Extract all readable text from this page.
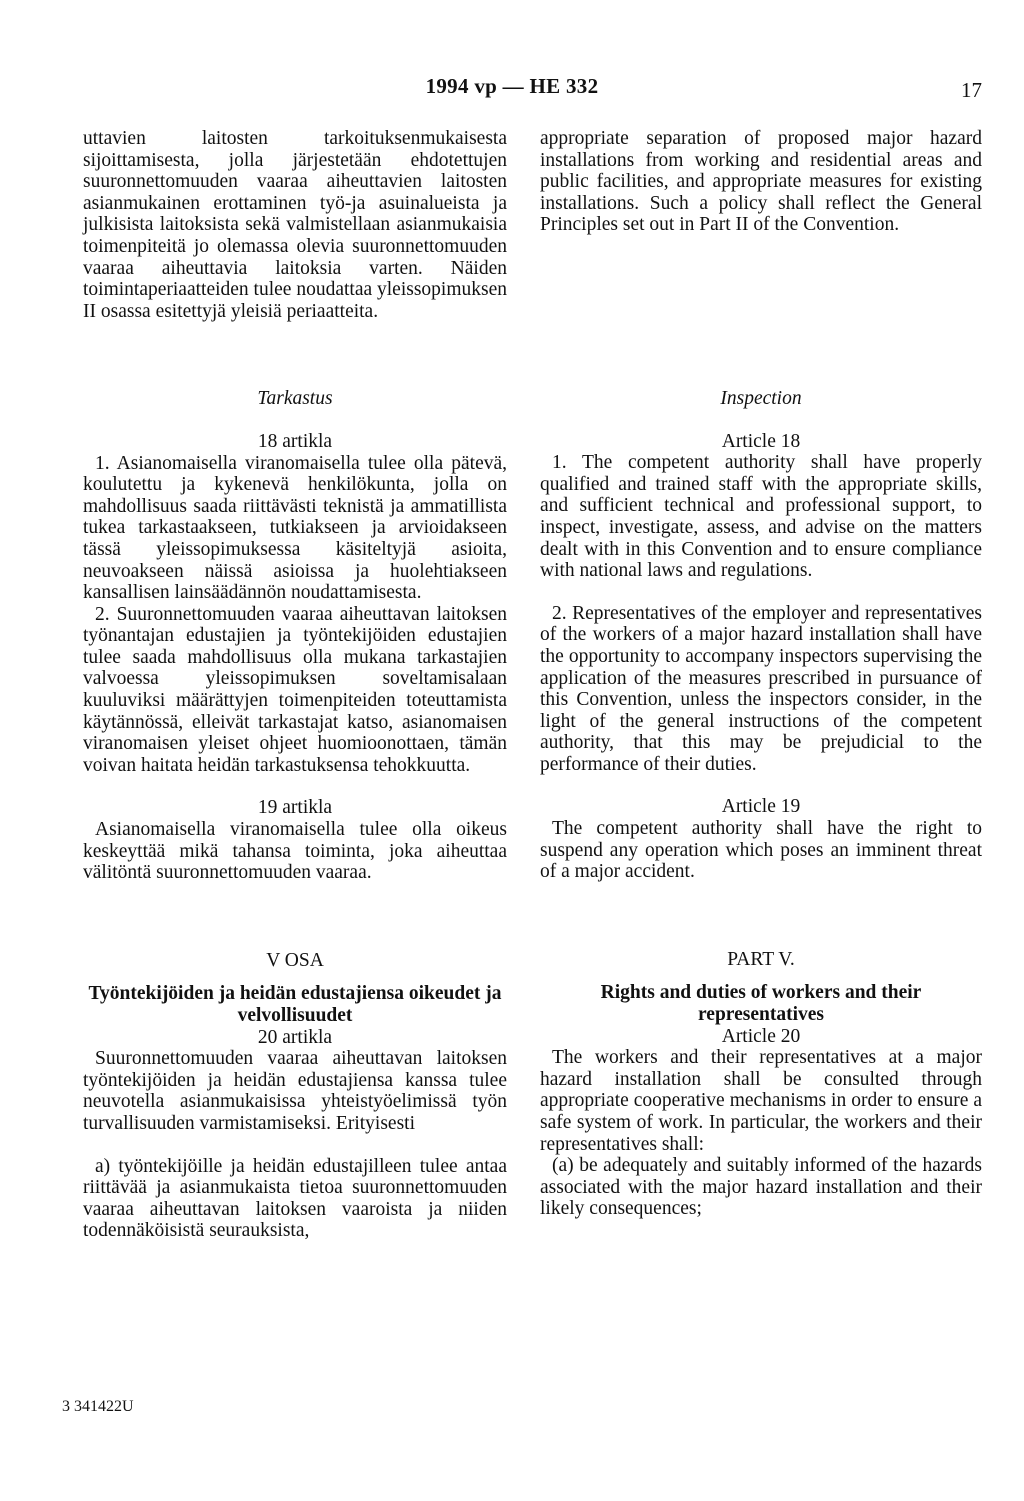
1994 vp — HE 332	17

uttavien laitosten tarkoituksenmukaisesta sijoittamisesta, jolla järjestetään ehdotettujen suuronnettomuuden vaaraa aiheuttavien laitosten asianmukainen erottaminen työ-ja asuinalueista ja julkisista laitoksista sekä valmistellaan asianmukaisia toimenpiteitä jo olemassa olevia suuronnettomuuden vaaraa aiheuttavia laitoksia varten. Näiden toimintaperiaatteiden tulee noudattaa yleissopimuksen II osassa esitettyjä yleisiä periaatteita.

Tarkastus

18 artikla

1. Asianomaisella viranomaisella tulee olla pätevä, koulutettu ja kykenevä henkilökunta, jolla on mahdollisuus saada riittävästi teknistä ja ammatillista tukea tarkastaakseen, tutkiakseen ja arvioidakseen tässä yleissopimuksessa käsiteltyjä asioita, neuvoakseen näissä asioissa ja huolehtiakseen kansallisen lainsäädännön noudattamisesta.

2. Suuronnettomuuden vaaraa aiheuttavan laitoksen työnantajan edustajien ja työntekijöiden edustajien tulee saada mahdollisuus olla mukana tarkastajien valvoessa yleissopimuksen soveltamisalaan kuuluviksi määrättyjen toimenpiteiden toteuttamista käytännössä, elleivät tarkastajat katso, asianomaisen viranomaisen yleiset ohjeet huomioonottaen, tämän voivan haitata heidän tarkastuksensa tehokkuutta.

19 artikla

Asianomaisella viranomaisella tulee olla oikeus keskeyttää mikä tahansa toiminta, joka aiheuttaa välitöntä suuronnettomuuden vaaraa.

V OSA

Työntekijöiden ja heidän edustajiensa oikeudet ja velvollisuudet

20 artikla

Suuronnettomuuden vaaraa aiheuttavan laitoksen työntekijöiden ja heidän edustajiensa kanssa tulee neuvotella asianmukaisissa yhteistyöelimissä työn turvallisuuden varmistamiseksi. Erityisesti

a) työntekijöille ja heidän edustajilleen tulee antaa riittävää ja asianmukaista tietoa suuronnettomuuden vaaraa aiheuttavan laitoksen vaaroista ja niiden todennäköisistä seurauksista,

appropriate separation of proposed major hazard installations from working and residential areas and public facilities, and appropriate measures for existing installations. Such a policy shall reflect the General Principles set out in Part II of the Convention.

Inspection

Article 18

1. The competent authority shall have properly qualified and trained staff with the appropriate skills, and sufficient technical and professional support, to inspect, investigate, assess, and advise on the matters dealt with in this Convention and to ensure compliance with national laws and regulations.

2. Representatives of the employer and representatives of the workers of a major hazard installation shall have the opportunity to accompany inspectors supervising the application of the measures prescribed in pursuance of this Convention, unless the inspectors consider, in the light of the general instructions of the competent authority, that this may be prejudicial to the performance of their duties.

Article 19

The competent authority shall have the right to suspend any operation which poses an imminent threat of a major accident.

PART V.

Rights and duties of workers and their representatives

Article 20

The workers and their representatives at a major hazard installation shall be consulted through appropriate cooperative mechanisms in order to ensure a safe system of work. In particular, the workers and their representatives shall:

(a) be adequately and suitably informed of the hazards associated with the major hazard installation and their likely consequences;

3 341422U
